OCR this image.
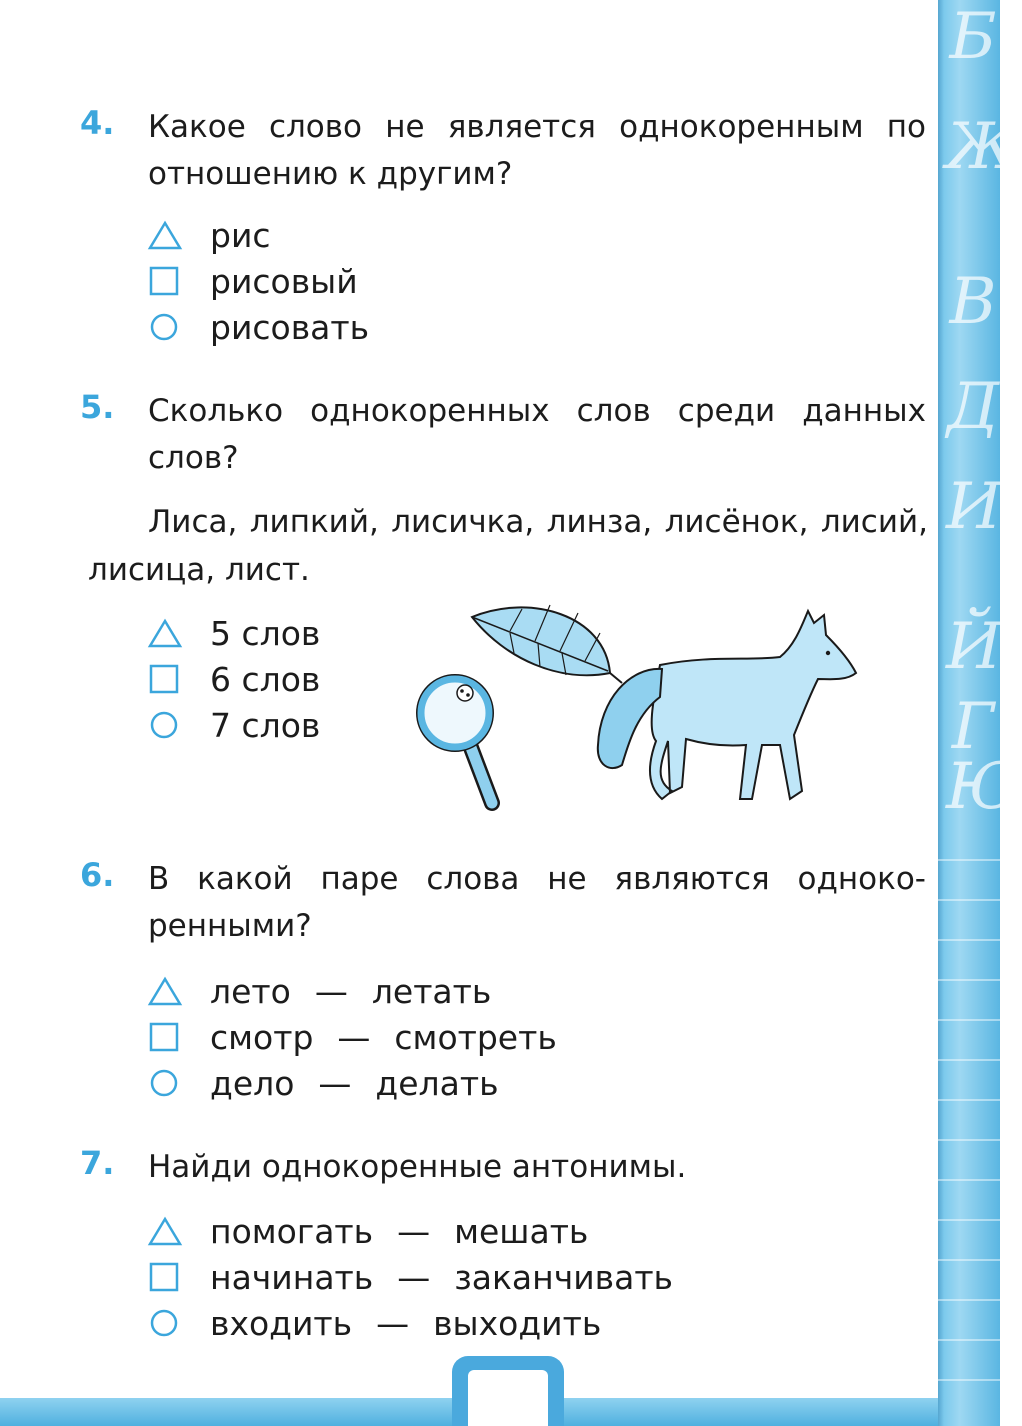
Б
Ж
В
Д
И
Й
Г
Ю
4. Какое слово не является однокоренным по отношению к другим?

рис
рисовый
рисовать
5. Сколько однокоренных слов среди данных слов?

Лиса, липкий, лисичка, линза, лисёнок, лисий, лисица, лист.
5 слов
6 слов
7 слов
6. В какой паре слова не являются одноко-ренными?

лето — летать
смотр — смотреть
дело — делать
7. Найди однокоренные антонимы.

помогать — мешать
начинать — заканчивать
входить — выходить
